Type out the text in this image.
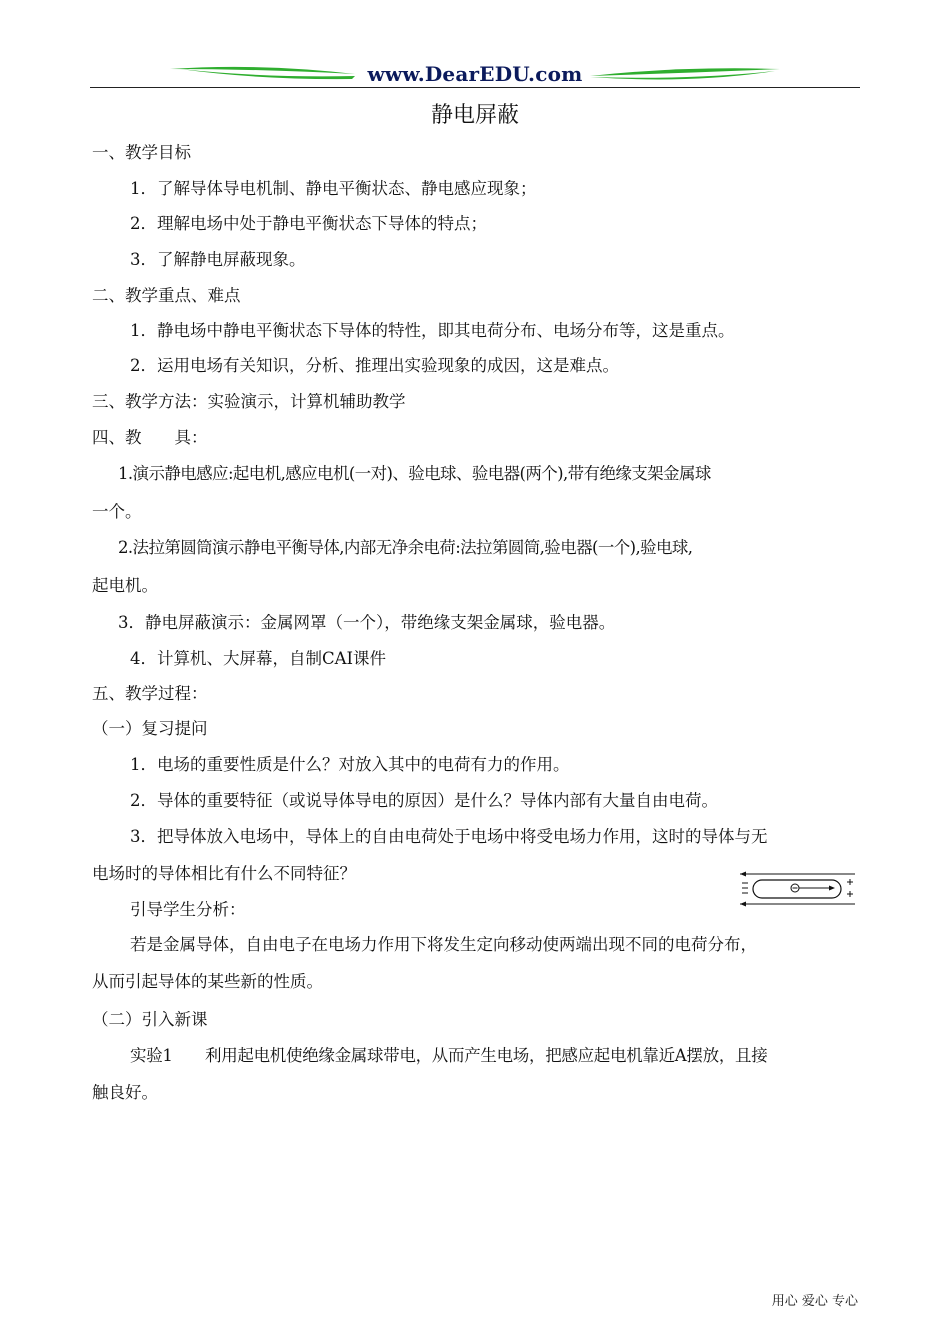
www.DearEDU.com
静电屏蔽
一、教学目标
1．了解导体导电机制、静电平衡状态、静电感应现象；
2．理解电场中处于静电平衡状态下导体的特点；
3．了解静电屏蔽现象。
二、教学重点、难点
1．静电场中静电平衡状态下导体的特性，即其电荷分布、电场分布等，这是重点。
2．运用电场有关知识，分析、推理出实验现象的成因，这是难点。
三、教学方法：实验演示，计算机辅助教学
四、教　　具：
1.演示静电感应:起电机,感应电机(一对)、验电球、验电器(两个),带有绝缘支架金属球
一个。
2.法拉第圆筒演示静电平衡导体,内部无净余电荷:法拉第圆筒,验电器(一个),验电球,
起电机。
3．静电屏蔽演示：金属网罩（一个），带绝缘支架金属球，验电器。
4．计算机、大屏幕，自制CAI课件
五、教学过程：
（一）复习提问
1．电场的重要性质是什么？对放入其中的电荷有力的作用。
2．导体的重要特征（或说导体导电的原因）是什么？导体内部有大量自由电荷。
3．把导体放入电场中，导体上的自由电荷处于电场中将受电场力作用，这时的导体与无
电场时的导体相比有什么不同特征？
引导学生分析：
若是金属导体，自由电子在电场力作用下将发生定向移动使两端出现不同的电荷分布，
从而引起导体的某些新的性质。
（二）引入新课
实验1　　利用起电机使绝缘金属球带电，从而产生电场，把感应起电机靠近A摆放，且接
触良好。
用心 爱心 专心
